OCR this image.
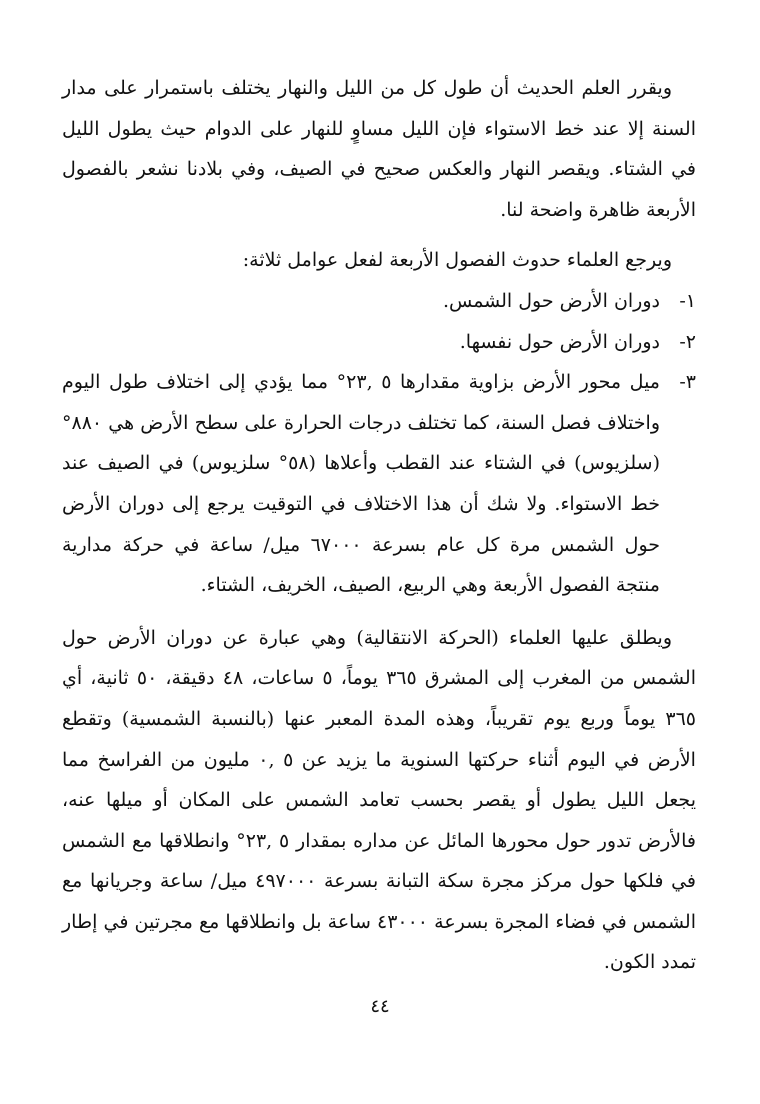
ويقرر العلم الحديث أن طول كل من الليل والنهار يختلف باستمرار على مدار السنة إلا عند خط الاستواء فإن الليل مساوٍ للنهار على الدوام حيث يطول الليل في الشتاء. ويقصر النهار والعكس صحيح في الصيف، وفي بلادنا نشعر بالفصول الأربعة ظاهرة واضحة لنا.

ويرجع العلماء حدوث الفصول الأربعة لفعل عوامل ثلاثة:

١-
دوران الأرض حول الشمس.
٢-
دوران الأرض حول نفسها.
٣-
ميل محور الأرض بزاوية مقدارها ٥ ,٢٣° مما يؤدي إلى اختلاف طول اليوم واختلاف فصل السنة، كما تختلف درجات الحرارة على سطح الأرض هي ٨٨٠° (سلزيوس) في الشتاء عند القطب وأعلاها (٥٨° سلزيوس) في الصيف عند خط الاستواء. ولا شك أن هذا الاختلاف في التوقيت يرجع إلى دوران الأرض حول الشمس مرة كل عام بسرعة ٦٧٠٠٠ ميل/ ساعة في حركة مدارية منتجة الفصول الأربعة وهي الربيع، الصيف، الخريف، الشتاء.

ويطلق عليها العلماء (الحركة الانتقالية) وهي عبارة عن دوران الأرض حول الشمس من المغرب إلى المشرق ٣٦٥ يوماً، ٥ ساعات، ٤٨ دقيقة، ٥٠ ثانية، أي ٣٦٥ يوماً وربع يوم تقريباً، وهذه المدة المعبر عنها (بالنسبة الشمسية) وتقطع الأرض في اليوم أثناء حركتها السنوية ما يزيد عن ٥ ,٠ مليون من الفراسخ مما يجعل الليل يطول أو يقصر بحسب تعامد الشمس على المكان أو ميلها عنه، فالأرض تدور حول محورها المائل عن مداره بمقدار ٥ ,٢٣° وانطلاقها مع الشمس في فلكها حول مركز مجرة سكة التبانة بسرعة ٤٩٧٠٠٠ ميل/ ساعة وجريانها مع الشمس في فضاء المجرة بسرعة ٤٣٠٠٠ ساعة بل وانطلاقها مع مجرتين في إطار تمدد الكون.

٤٤
